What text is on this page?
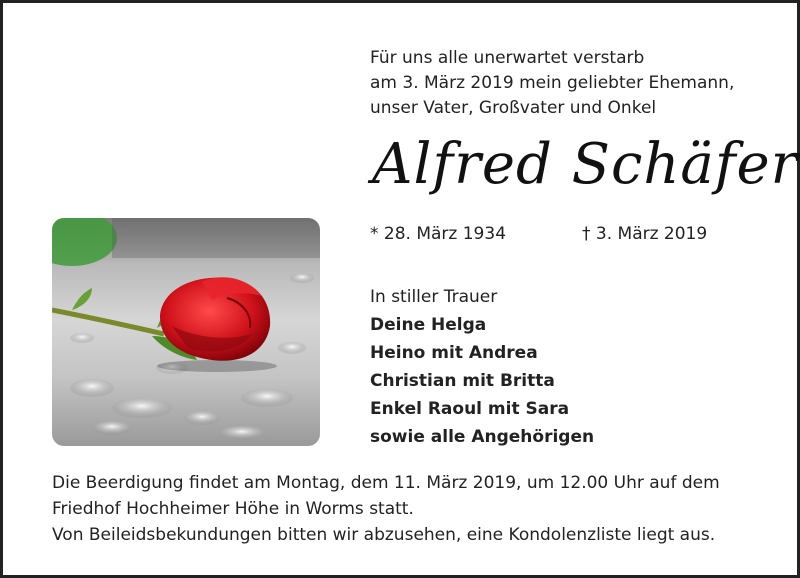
Für uns alle unerwartet verstarb
am 3. März 2019 mein geliebter Ehemann,
unser Vater, Großvater und Onkel
Alfred Schäfer
* 28. März 1934	† 3. März 2019
In stiller Trauer
Deine Helga
Heino mit Andrea
Christian mit Britta
Enkel Raoul mit Sara
sowie alle Angehörigen
Die Beerdigung findet am Montag, dem 11. März 2019, um 12.00 Uhr auf dem
Friedhof Hochheimer Höhe in Worms statt.
Von Beileidsbekundungen bitten wir abzusehen, eine Kondolenzliste liegt aus.
